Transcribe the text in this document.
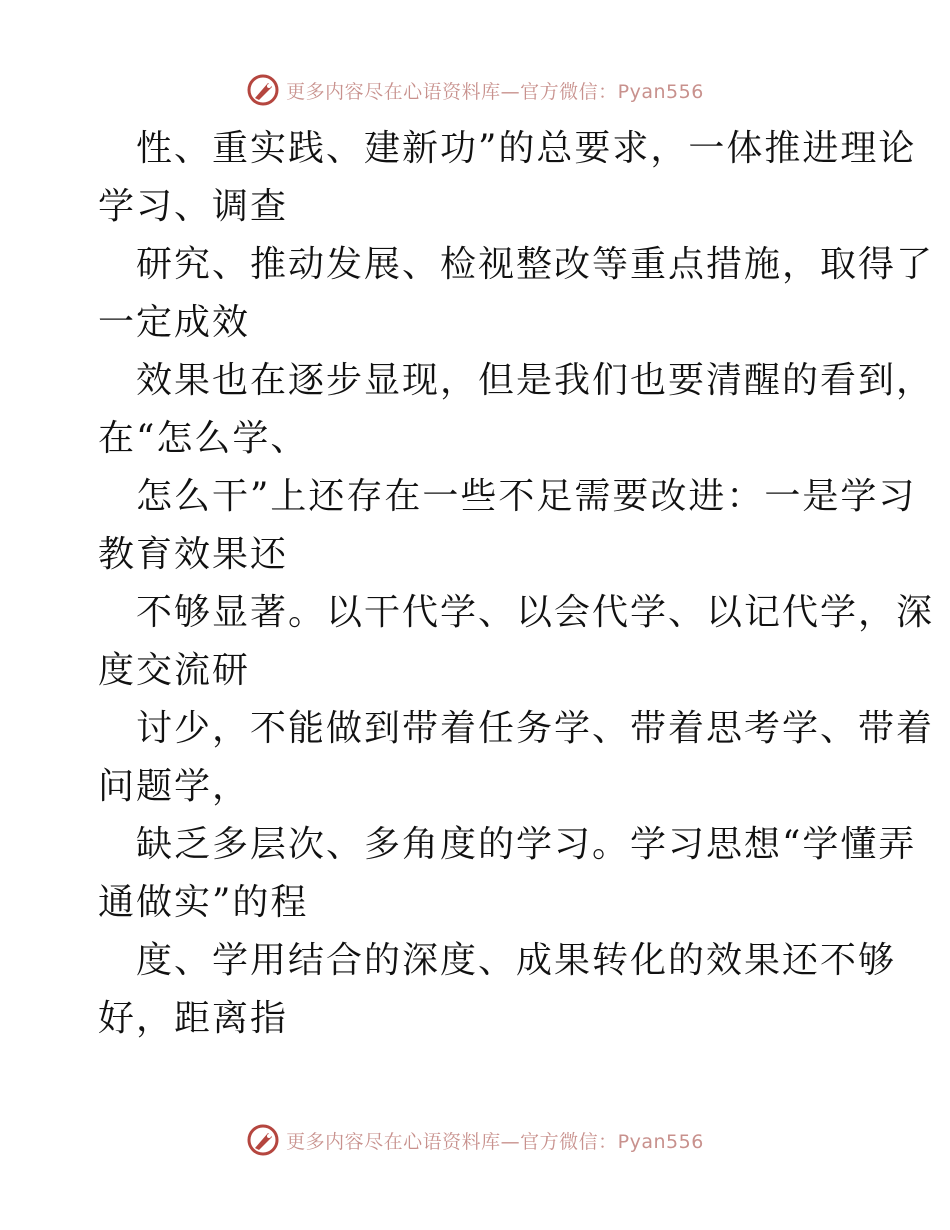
更多内容尽在心语资料库—官方微信：Pyan556

性、重实践、建新功”的总要求，一体推进理论

学习、调查

研究、推动发展、检视整改等重点措施，取得了

一定成效

效果也在逐步显现，但是我们也要清醒的看到，

在“怎么学、

怎么干”上还存在一些不足需要改进：一是学习

教育效果还

不够显著。以干代学、以会代学、以记代学，深

度交流研

讨少，不能做到带着任务学、带着思考学、带着

问题学，

缺乏多层次、多角度的学习。学习思想“学懂弄

通做实”的程

度、学用结合的深度、成果转化的效果还不够

好，距离指

更多内容尽在心语资料库—官方微信：Pyan556
